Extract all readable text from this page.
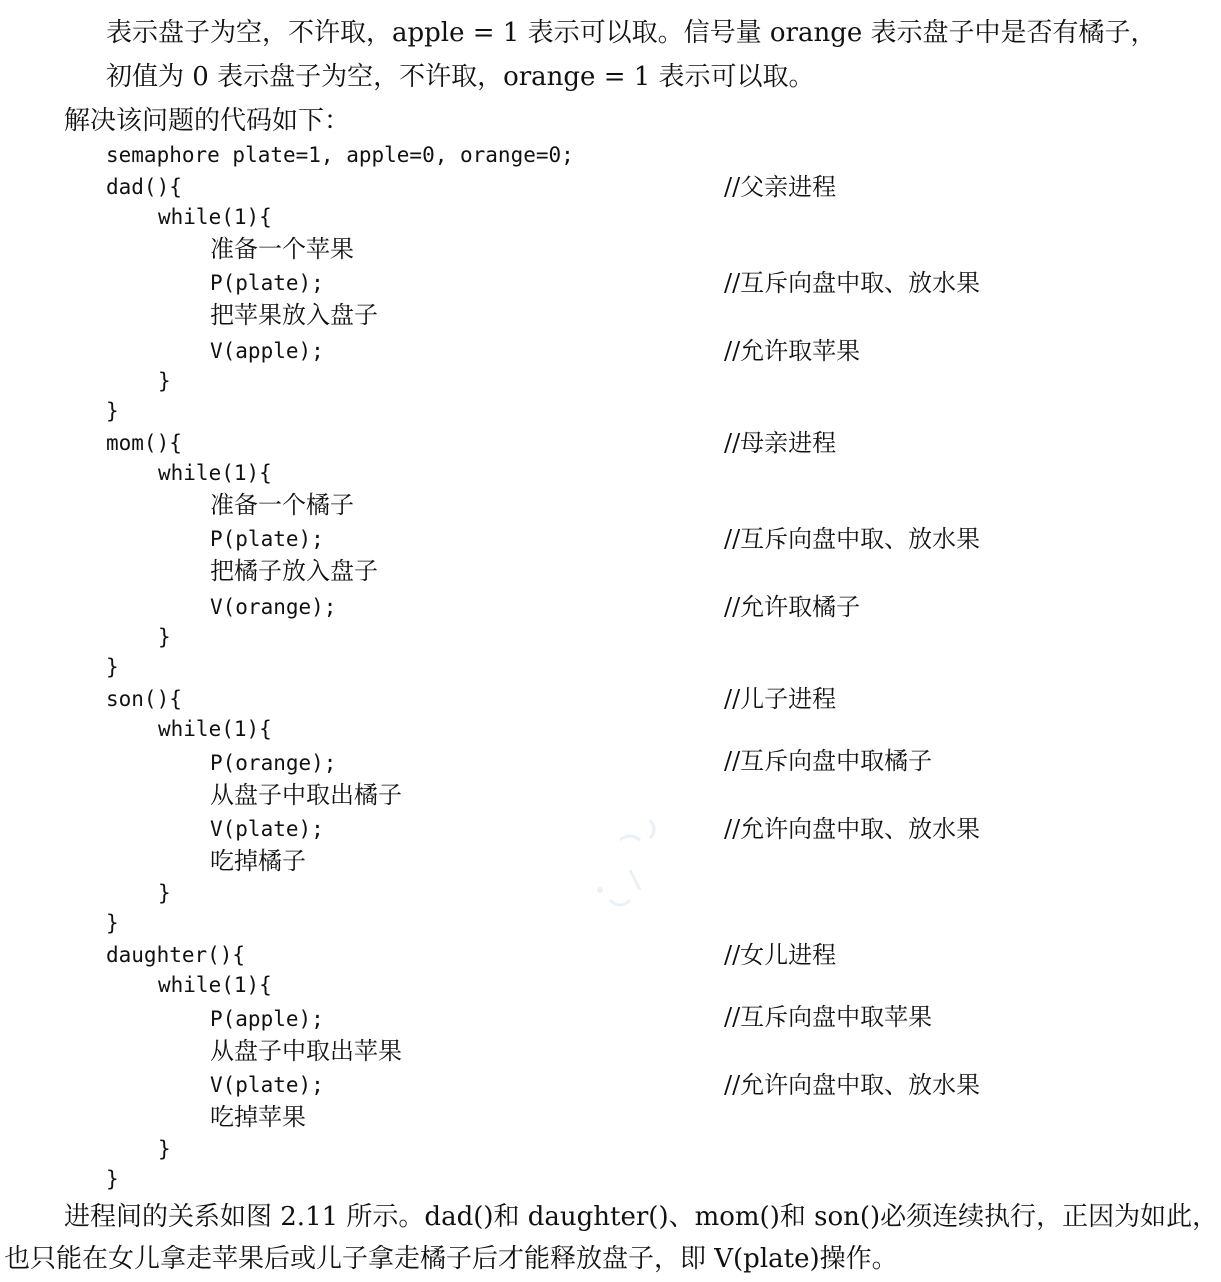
表示盘子为空，不许取，apple = 1 表示可以取。信号量 orange 表示盘子中是否有橘子，
初值为 0 表示盘子为空，不许取，orange = 1 表示可以取。
解决该问题的代码如下：
semaphore plate=1, apple=0, orange=0;
dad(){	//父亲进程
while(1){
准备一个苹果
P(plate);	//互斥向盘中取、放水果
把苹果放入盘子
V(apple);	//允许取苹果
}
}
mom(){	//母亲进程
while(1){
准备一个橘子
P(plate);	//互斥向盘中取、放水果
把橘子放入盘子
V(orange);	//允许取橘子
}
}
son(){	//儿子进程
while(1){
P(orange);	//互斥向盘中取橘子
从盘子中取出橘子
V(plate);	//允许向盘中取、放水果
吃掉橘子
}
}
daughter(){	//女儿进程
while(1){
P(apple);	//互斥向盘中取苹果
从盘子中取出苹果
V(plate);	//允许向盘中取、放水果
吃掉苹果
}
}
进程间的关系如图 2.11 所示。dad()和 daughter()、mom()和 son()必须连续执行，正因为如此，
也只能在女儿拿走苹果后或儿子拿走橘子后才能释放盘子，即 V(plate)操作。
